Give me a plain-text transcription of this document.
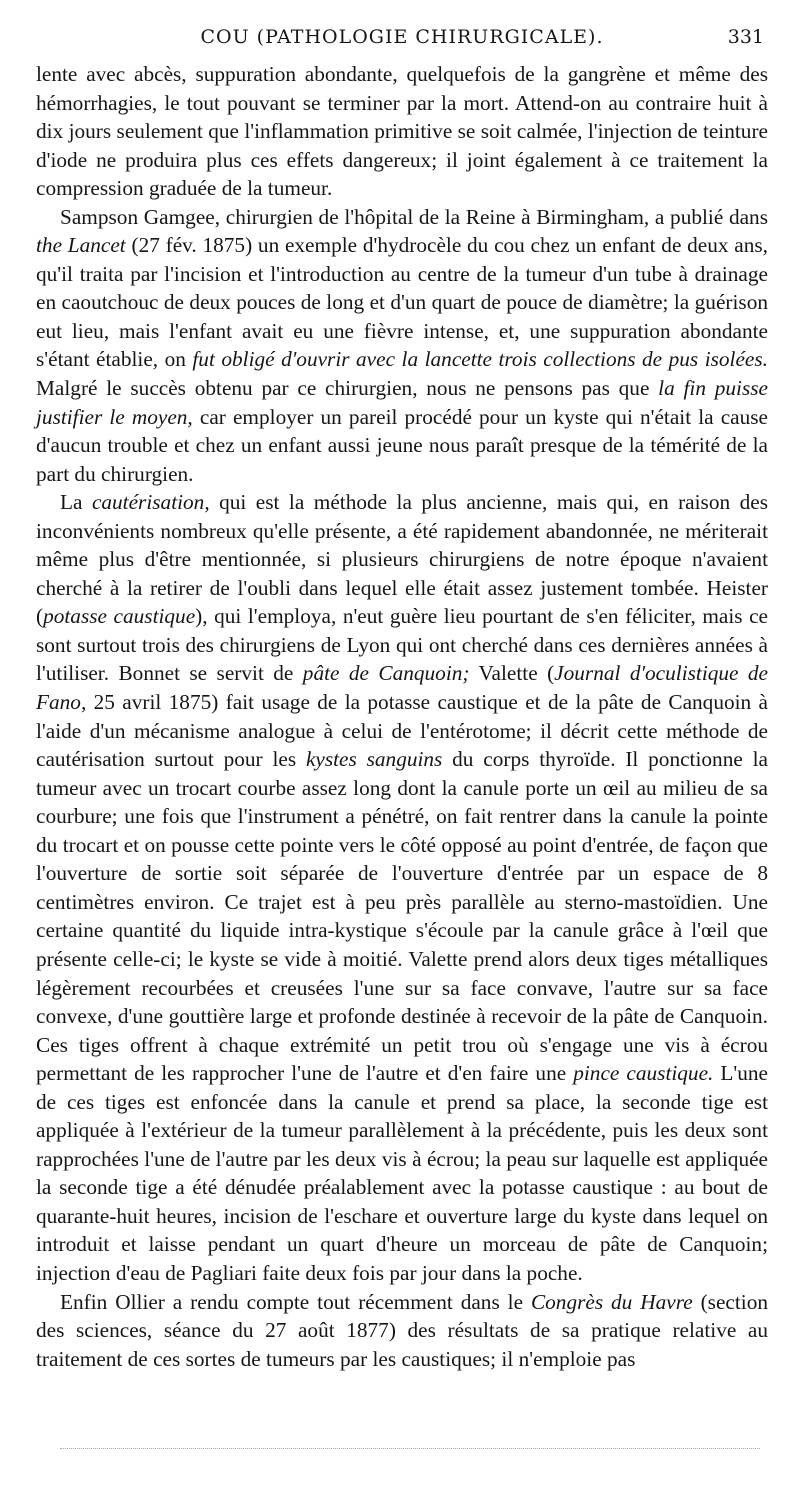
COU (PATHOLOGIE CHIRURGICALE).	331

lente avec abcès, suppuration abondante, quelquefois de la gangrène et même des hémorrhagies, le tout pouvant se terminer par la mort. Attend-on au contraire huit à dix jours seulement que l'inflammation primitive se soit calmée, l'injection de teinture d'iode ne produira plus ces effets dangereux; il joint également à ce traitement la compression graduée de la tumeur.

Sampson Gamgee, chirurgien de l'hôpital de la Reine à Birmingham, a publié dans the Lancet (27 fév. 1875) un exemple d'hydrocèle du cou chez un enfant de deux ans, qu'il traita par l'incision et l'introduction au centre de la tumeur d'un tube à drainage en caoutchouc de deux pouces de long et d'un quart de pouce de diamètre; la guérison eut lieu, mais l'enfant avait eu une fièvre intense, et, une suppuration abondante s'étant établie, on fut obligé d'ouvrir avec la lancette trois collections de pus isolées. Malgré le succès obtenu par ce chirurgien, nous ne pensons pas que la fin puisse justifier le moyen, car employer un pareil procédé pour un kyste qui n'était la cause d'aucun trouble et chez un enfant aussi jeune nous paraît presque de la témérité de la part du chirurgien.

La cautérisation, qui est la méthode la plus ancienne, mais qui, en raison des inconvénients nombreux qu'elle présente, a été rapidement abandonnée, ne mériterait même plus d'être mentionnée, si plusieurs chirurgiens de notre époque n'avaient cherché à la retirer de l'oubli dans lequel elle était assez justement tombée. Heister (potasse caustique), qui l'employa, n'eut guère lieu pourtant de s'en féliciter, mais ce sont surtout trois des chirurgiens de Lyon qui ont cherché dans ces dernières années à l'utiliser. Bonnet se servit de pâte de Canquoin; Valette (Journal d'oculistique de Fano, 25 avril 1875) fait usage de la potasse caustique et de la pâte de Canquoin à l'aide d'un mécanisme analogue à celui de l'entérotome; il décrit cette méthode de cautérisation surtout pour les kystes sanguins du corps thyroïde. Il ponctionne la tumeur avec un trocart courbe assez long dont la canule porte un œil au milieu de sa courbure; une fois que l'instrument a pénétré, on fait rentrer dans la canule la pointe du trocart et on pousse cette pointe vers le côté opposé au point d'entrée, de façon que l'ouverture de sortie soit séparée de l'ouverture d'entrée par un espace de 8 centimètres environ. Ce trajet est à peu près parallèle au sterno-mastoïdien. Une certaine quantité du liquide intra-kystique s'écoule par la canule grâce à l'œil que présente celle-ci; le kyste se vide à moitié. Valette prend alors deux tiges métalliques légèrement recourbées et creusées l'une sur sa face convave, l'autre sur sa face convexe, d'une gouttière large et profonde destinée à recevoir de la pâte de Canquoin. Ces tiges offrent à chaque extrémité un petit trou où s'engage une vis à écrou permettant de les rapprocher l'une de l'autre et d'en faire une pince caustique. L'une de ces tiges est enfoncée dans la canule et prend sa place, la seconde tige est appliquée à l'extérieur de la tumeur parallèlement à la précédente, puis les deux sont rapprochées l'une de l'autre par les deux vis à écrou; la peau sur laquelle est appliquée la seconde tige a été dénudée préalablement avec la potasse caustique : au bout de quarante-huit heures, incision de l'eschare et ouverture large du kyste dans lequel on introduit et laisse pendant un quart d'heure un morceau de pâte de Canquoin; injection d'eau de Pagliari faite deux fois par jour dans la poche.

Enfin Ollier a rendu compte tout récemment dans le Congrès du Havre (section des sciences, séance du 27 août 1877) des résultats de sa pratique relative au traitement de ces sortes de tumeurs par les caustiques; il n'emploie pas
